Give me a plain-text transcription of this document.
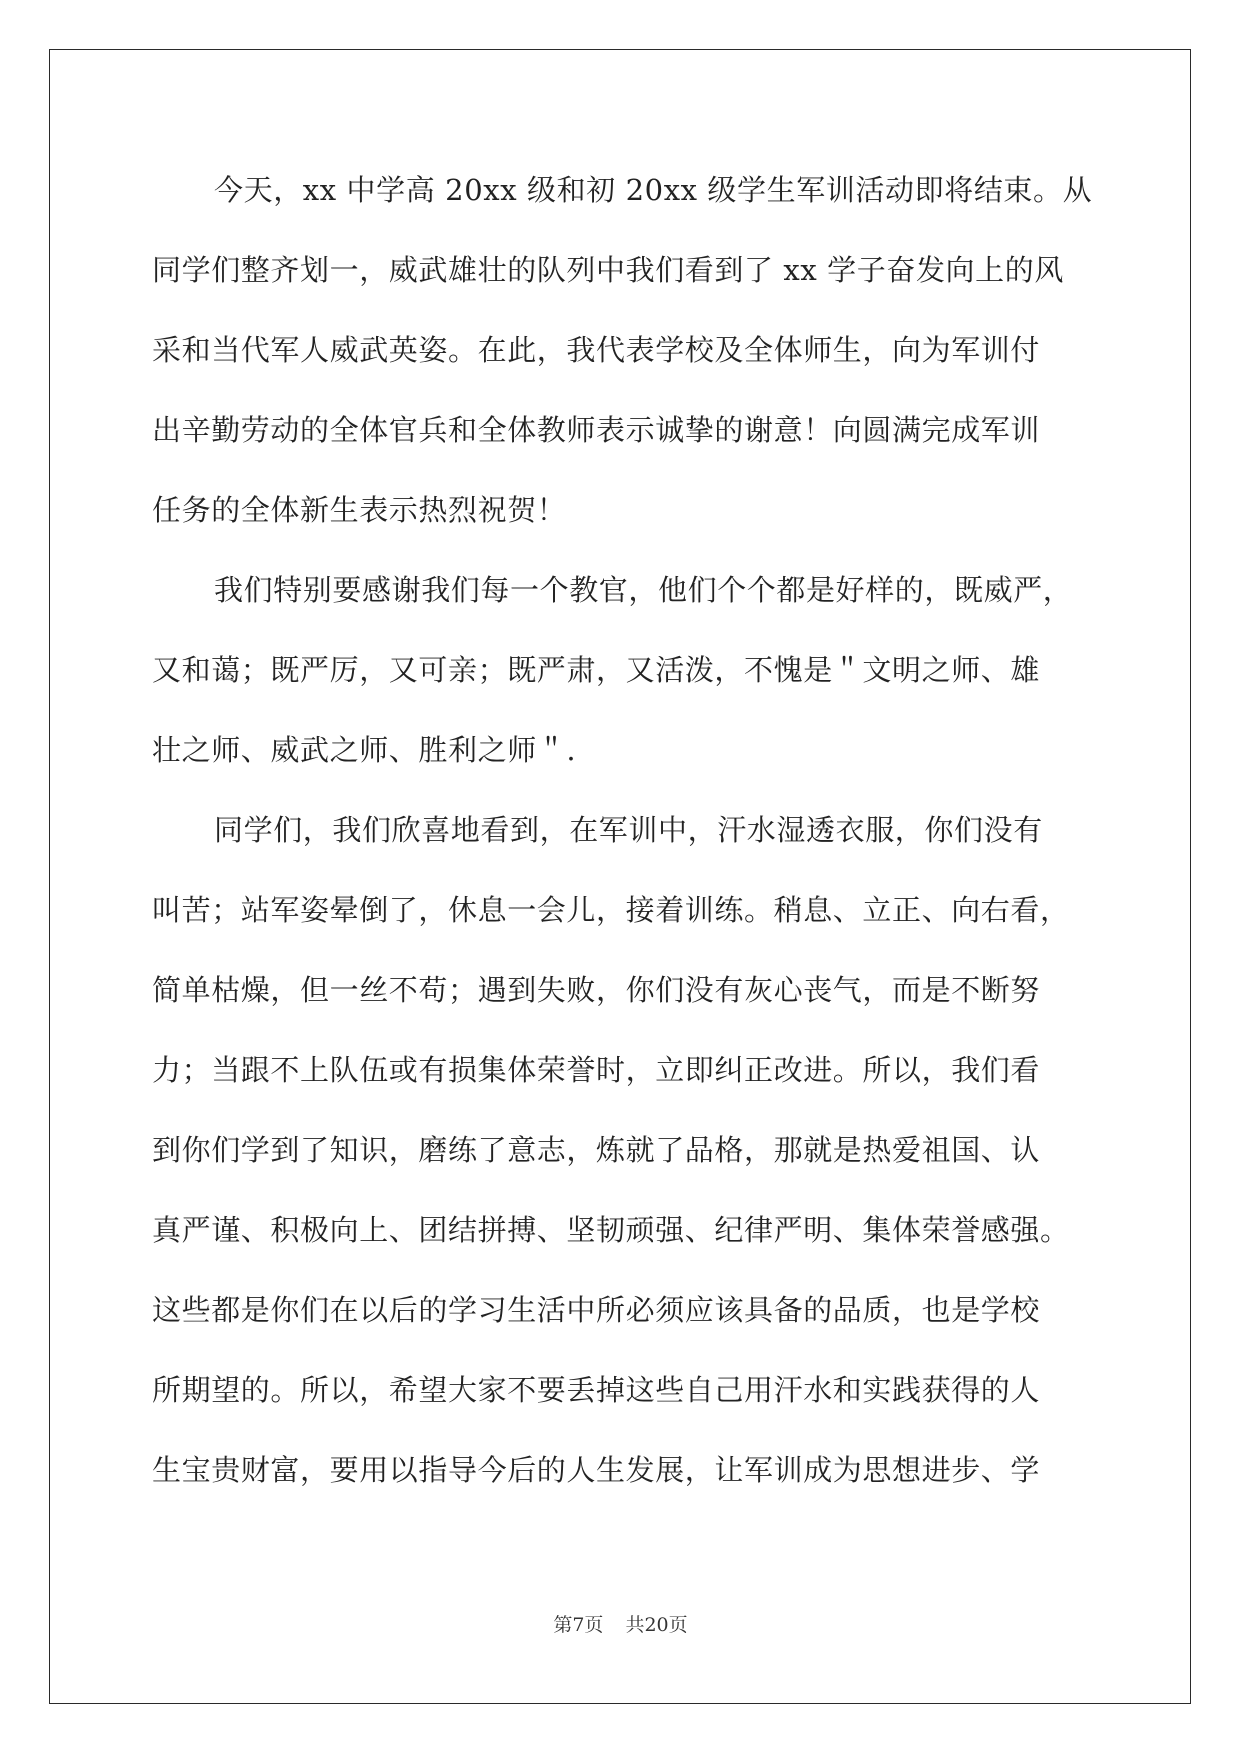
今天，xx 中学高 20xx 级和初 20xx 级学生军训活动即将结束。从
同学们整齐划一，威武雄壮的队列中我们看到了 xx 学子奋发向上的风
采和当代军人威武英姿。在此，我代表学校及全体师生，向为军训付
出辛勤劳动的全体官兵和全体教师表示诚挚的谢意！向圆满完成军训
任务的全体新生表示热烈祝贺！
我们特别要感谢我们每一个教官，他们个个都是好样的，既威严，
又和蔼；既严厉，又可亲；既严肃，又活泼，不愧是＂文明之师、雄
壮之师、威武之师、胜利之师＂.
同学们，我们欣喜地看到，在军训中，汗水湿透衣服，你们没有
叫苦；站军姿晕倒了，休息一会儿，接着训练。稍息、立正、向右看，
简单枯燥，但一丝不苟；遇到失败，你们没有灰心丧气，而是不断努
力；当跟不上队伍或有损集体荣誉时，立即纠正改进。所以，我们看
到你们学到了知识，磨练了意志，炼就了品格，那就是热爱祖国、认
真严谨、积极向上、团结拼搏、坚韧顽强、纪律严明、集体荣誉感强。
这些都是你们在以后的学习生活中所必须应该具备的品质，也是学校
所期望的。所以，希望大家不要丢掉这些自己用汗水和实践获得的人
生宝贵财富，要用以指导今后的人生发展，让军训成为思想进步、学
第7页 共20页
